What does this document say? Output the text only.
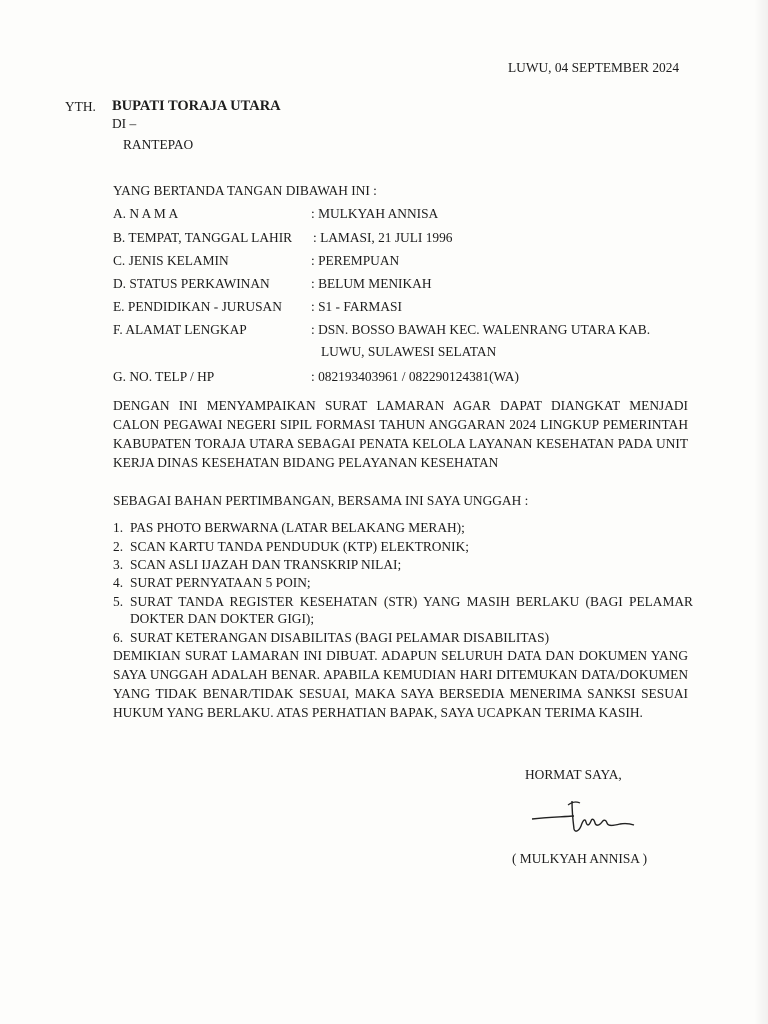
LUWU, 04 SEPTEMBER 2024
YTH. BUPATI TORAJA UTARA
DI –
RANTEPAO
YANG BERTANDA TANGAN DIBAWAH INI :
A. N A M A	: MULKYAH ANNISA
B. TEMPAT, TANGGAL LAHIR : LAMASI, 21 JULI 1996
C. JENIS KELAMIN	: PEREMPUAN
D. STATUS PERKAWINAN	: BELUM MENIKAH
E. PENDIDIKAN - JURUSAN : S1 - FARMASI
F. ALAMAT LENGKAP	: DSN. BOSSO BAWAH KEC. WALENRANG UTARA KAB.
LUWU, SULAWESI SELATAN
G. NO. TELP / HP	: 082193403961 / 082290124381(WA)
DENGAN INI MENYAMPAIKAN SURAT LAMARAN AGAR DAPAT DIANGKAT MENJADI CALON PEGAWAI NEGERI SIPIL FORMASI TAHUN ANGGARAN 2024 LINGKUP PEMERINTAH KABUPATEN TORAJA UTARA SEBAGAI PENATA KELOLA LAYANAN KESEHATAN PADA UNIT KERJA DINAS KESEHATAN BIDANG PELAYANAN KESEHATAN
SEBAGAI BAHAN PERTIMBANGAN, BERSAMA INI SAYA UNGGAH :
1. PAS PHOTO BERWARNA (LATAR BELAKANG MERAH);
2. SCAN KARTU TANDA PENDUDUK (KTP) ELEKTRONIK;
3. SCAN ASLI IJAZAH DAN TRANSKRIP NILAI;
4. SURAT PERNYATAAN 5 POIN;
5. SURAT TANDA REGISTER KESEHATAN (STR) YANG MASIH BERLAKU (BAGI PELAMAR DOKTER DAN DOKTER GIGI);
6. SURAT KETERANGAN DISABILITAS (BAGI PELAMAR DISABILITAS)
DEMIKIAN SURAT LAMARAN INI DIBUAT. ADAPUN SELURUH DATA DAN DOKUMEN YANG SAYA UNGGAH ADALAH BENAR. APABILA KEMUDIAN HARI DITEMUKAN DATA/DOKUMEN YANG TIDAK BENAR/TIDAK SESUAI, MAKA SAYA BERSEDIA MENERIMA SANKSI SESUAI HUKUM YANG BERLAKU. ATAS PERHATIAN BAPAK, SAYA UCAPKAN TERIMA KASIH.
HORMAT SAYA,
( MULKYAH ANNISA )
